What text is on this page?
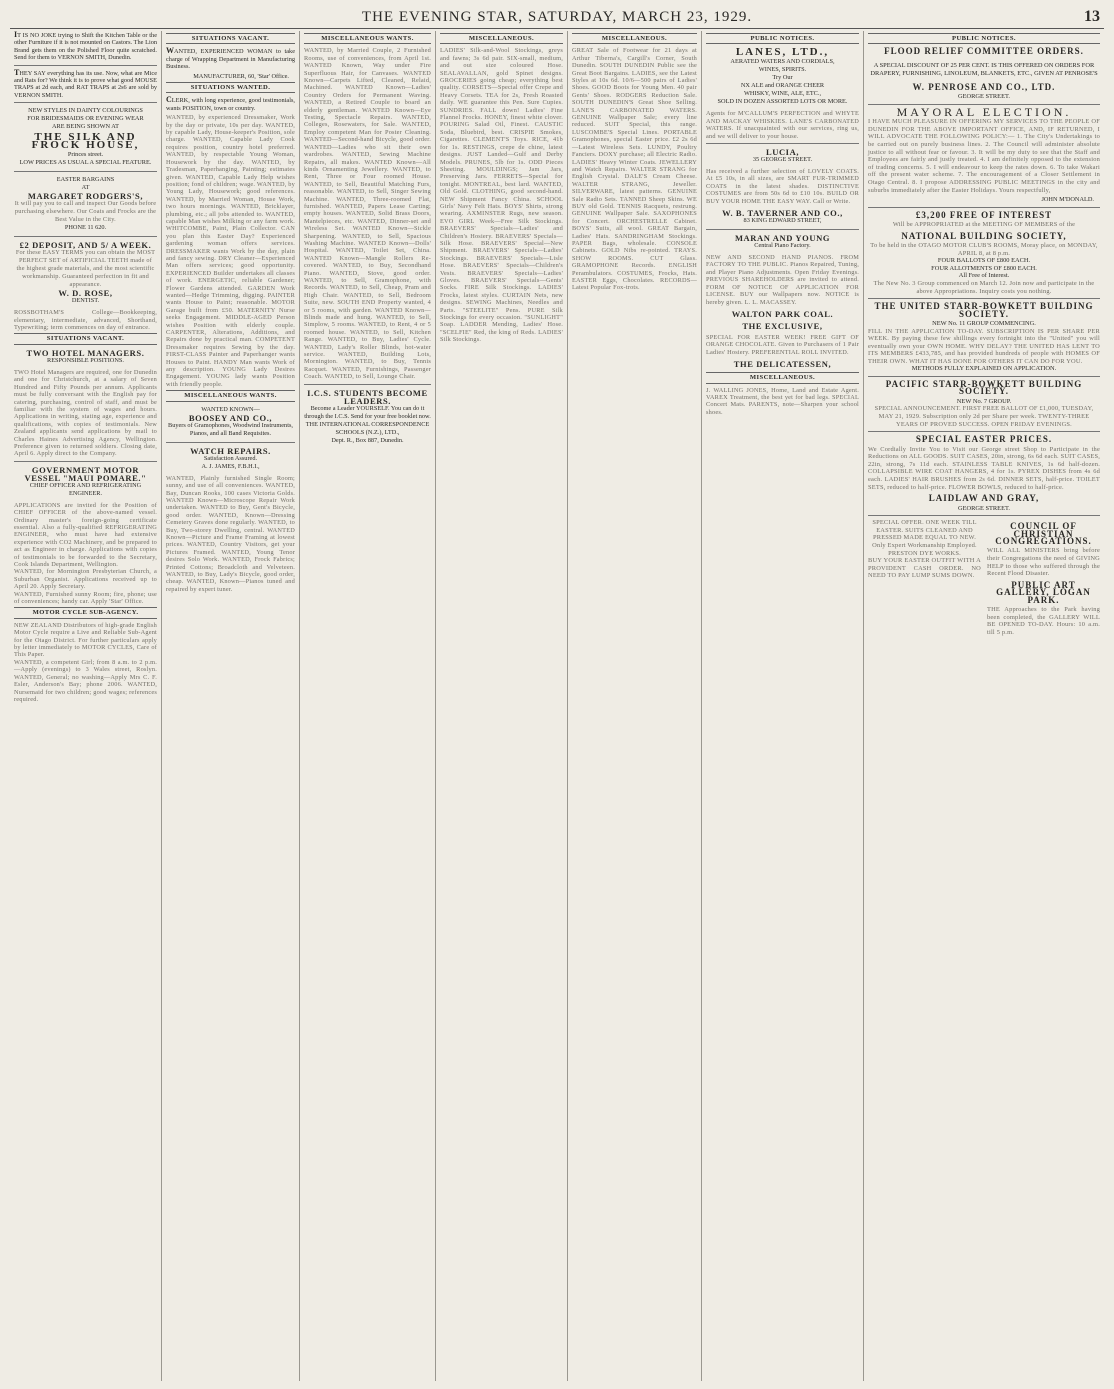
THE EVENING STAR, SATURDAY, MARCH 23, 1929.	13

IT IS NO JOKE trying to Shift the Kitchen Table or the other Furniture if it is not mounted on Castors. The Lion Brand gets them on the Polished Floor quite scratched. Send for them to VERNON SMITH, Dunedin.

THEY SAY everything has its use. Now, what are Mice and Rats for? We think it is to prove what good MOUSE TRAPS at 2d each, and RAT TRAPS at 2s6 are sold by VERNON SMITH.

NEW STYLES IN DAINTY COLOURINGS
FOR BRIDESMAIDS OR EVENING WEAR
ARE BEING SHOWN AT
THE SILK AND FROCK HOUSE,
Princes street.
LOW PRICES AS USUAL A SPECIAL FEATURE.
EASTER BARGAINS
AT
MARGARET RODGERS'S,
It will pay you to call and inspect Our Goods before purchasing elsewhere. Our Coats and Frocks are the Best Value in the City.
PHONE 11 620.
£2 DEPOSIT, AND 5/ A WEEK.
For these EASY TERMS you can obtain the MOST PERFECT SET of ARTIFICIAL TEETH made of the highest grade materials, and the most scientific workmanship. Guaranteed perfection in fit and appearance.
W. D. ROSE,
DENTIST.
ROSSBOTHAM'S College—Bookkeeping, elementary, intermediate, advanced, Shorthand, Typewriting; term commences on day of entrance.
SITUATIONS VACANT.
TWO HOTEL MANAGERS.
RESPONSIBLE POSITIONS.
TWO Hotel Managers are required, one for Dunedin and one for Christchurch, at a salary of Seven Hundred and Fifty Pounds per annum. Applicants must be fully conversant with the English pay for catering, purchasing, control of staff, and must be familiar with the system of wages and hours. Applications in writing, stating age, experience and qualifications, with copies of testimonials. New Zealand applicants send applications by mail to Charles Haines Advertising Agency, Wellington. Preference given to returned soldiers. Closing date, April 6. Apply direct to the Company.
GOVERNMENT MOTOR VESSEL "MAUI POMARE."
CHIEF OFFICER AND REFRIGERATING ENGINEER.
APPLICATIONS are invited for the Position of CHIEF OFFICER of the above-named vessel. Ordinary master's foreign-going certificate essential. Also a fully-qualified REFRIGERATING ENGINEER, who must have had extensive experience with CO2 Machinery, and be prepared to act as Engineer in charge. Applications with copies of testimonials to be forwarded to the Secretary, Cook Islands Department, Wellington.
WANTED, for Mornington Presbyterian Church, a Suburban Organist. Applications received up to April 20. Apply Secretary.
WANTED, Furnished sunny Room; fire, phone; use of conveniences; handy car. Apply 'Star' Office.
MOTOR CYCLE SUB-AGENCY.
NEW ZEALAND Distributors of high-grade English Motor Cycle require a Live and Reliable Sub-Agent for the Otago District. For further particulars apply by letter immediately to MOTOR CYCLES, Care of This Paper.
WANTED, a competent Girl; from 8 a.m. to 2 p.m.—Apply (evenings) to 3 Wales street, Roslyn. WANTED, General; no washing—Apply Mrs C. F. Esler, Anderson's Bay; phone 2006. WANTED, Nursemaid for two children; good wages; references required.
SITUATIONS VACANT.

WANTED, EXPERIENCED WOMAN to take charge of Wrapping Department in Manufacturing Business.

MANUFACTURER, 60, 'Star' Office.
SITUATIONS WANTED.

CLERK, with long experience, good testimonials, wants POSITION, town or country.

WANTED, by experienced Dressmaker, Work by the day or private, 10s per day. WANTED, by capable Lady, House-keeper's Position, sole charge. WANTED, Capable Lady Cook requires position, country hotel preferred. WANTED, by respectable Young Woman, Housework by the day. WANTED, by Tradesman, Paperhanging, Painting; estimates given. WANTED, Capable Lady Help wishes position; fond of children; wage. WANTED, by Young Lady, Housework; good references. WANTED, by Married Woman, House Work, two hours mornings. WANTED, Bricklayer, plumbing, etc.; all jobs attended to. WANTED, capable Man wishes Milking or any farm work. WHITCOMBE, Paint, Plain Collector. CAN you plan this Easter Day? Experienced gardening woman offers services. DRESSMAKER wants Work by the day, plain and fancy sewing. DRY Cleaner—Experienced Man offers services; good opportunity. EXPERIENCED Builder undertakes all classes of work. ENERGETIC, reliable Gardener; Flower Gardens attended. GARDEN Work wanted—Hedge Trimming, digging. PAINTER wants House to Paint; reasonable. MOTOR Garage built from £50. MATERNITY Nurse seeks Engagement. MIDDLE-AGED Person wishes Position with elderly couple. CARPENTER, Alterations, Additions, and Repairs done by practical man. COMPETENT Dressmaker requires Sewing by the day. FIRST-CLASS Painter and Paperhanger wants Houses to Paint. HANDY Man wants Work of any description. YOUNG Lady Desires Engagement. YOUNG lady wants Position with friendly people.
MISCELLANEOUS WANTS.
WANTED KNOWN—
BOOSEY AND CO.,
Buyers of Gramophones, Woodwind Instruments, Pianos, and all Band Requisites.
WATCH REPAIRS.
Satisfaction Assured.
A. J. JAMES, F.B.H.I.,
WANTED, Plainly furnished Single Room; sunny, and use of all conveniences. WANTED, Bay, Duncan Rooks, 100 cases Victoria Golds. WANTED Known—Microscope Repair Work undertaken. WANTED to Buy, Gent's Bicycle, good order. WANTED, Known—Dressing Cemetery Graves done regularly. WANTED, to Buy, Two-storey Dwelling, central. WANTED Known—Picture and Frame Framing at lowest prices. WANTED, Country Visitors, get your Pictures Framed. WANTED, Young Tenor desires Solo Work. WANTED, Frock Fabrics; Printed Cottons; Broadcloth and Velveteen. WANTED, to Buy, Lady's Bicycle, good order, cheap. WANTED, Known—Pianos tuned and repaired by expert tuner.
MISCELLANEOUS WANTS.
WANTED, by Married Couple, 2 Furnished Rooms, use of conveniences, from April 1st. WANTED Known, Way under Fire Superfluous Hair, for Canvases. WANTED Known—Carpets Lifted, Cleaned, Relaid, Machined. WANTED Known—Ladies' Country Orders for Permanent Waving. WANTED, a Retired Couple to board an elderly gentleman. WANTED Known—Eye Testing, Spectacle Repairs. WANTED, Colleges, Rosewaters, for Sale. WANTED, Employ competent Man for Poster Cleaning. WANTED—Second-hand Bicycle, good order. WANTED—Ladies who sit their own wardrobes. WANTED, Sewing Machine Repairs, all makes. WANTED Known—All kinds Ornamenting Jewellery. WANTED, to Rent, Three or Four roomed House. WANTED, to Sell, Beautiful Matching Furs, reasonable. WANTED, to Sell, Singer Sewing Machine. WANTED, Three-roomed Flat, furnished. WANTED, Papers Lease Carting; empty houses. WANTED, Solid Brass Doors, Mantelpieces, etc. WANTED, Dinner-set and Wireless Set. WANTED Known—Sickle Sharpening. WANTED, to Sell, Spacious Washing Machine. WANTED Known—Dolls' Hospital. WANTED, Toilet Set, China. WANTED Known—Mangle Rollers Re-covered. WANTED, to Buy, Secondhand Piano. WANTED, Stove, good order. WANTED, to Sell, Gramophone, with Records. WANTED, to Sell, Cheap, Pram and High Chair. WANTED, to Sell, Bedroom Suite, new. SOUTH END Property wanted, 4 or 5 rooms, with garden. WANTED Known—Blinds made and hung. WANTED, to Sell, Simplow, 5 rooms. WANTED, to Rent, 4 or 5 roomed house. WANTED, to Sell, Kitchen Range. WANTED, to Buy, Ladies' Cycle. WANTED, Lady's Roller Blinds, hot-water service. WANTED, Building Lots, Mornington. WANTED, to Buy, Tennis Racquet. WANTED, Furnishings, Passenger Coach. WANTED, to Sell, Lounge Chair.
I.C.S. STUDENTS BECOME LEADERS.
Become a Leader YOURSELF. You can do it through the I.C.S. Send for your free booklet now.
THE INTERNATIONAL CORRESPONDENCE SCHOOLS (N.Z.), LTD.,
Dept. R., Box 887, Dunedin.
MISCELLANEOUS.
LADIES' Silk-and-Wool Stockings, greys and fawns; 3s 6d pair. SIX-small, medium, and out size coloured Hose. SEALAVALLAN, gold Spinet designs. GROCERIES going cheap; everything best quality. CORSETS—Special offer Crepe and Heavy Corsets. TEA for 2s, Fresh Roasted daily. WE guarantee this Pen. Sure Cupies. SUNDRIES. FALL down! Ladies' Fine Flannel Frocks. HONEY, finest white clover. POURING Salad Oil, Finest. CAUSTIC Soda, Bluebird, best. CRISPIE Smokes, Cigarettes. CLEMENT'S Toys. RICE, 41b for 1s. RESTINGS, crepe de chine, latest designs. JUST Landed—Gulf and Derby Models. PRUNES, 5lb for 1s. ODD Pieces Sheeting. MOULDINGS; Jam Jars, Preserving Jars. FERRETS—Special for tonight. MONTREAL, best lard. WANTED, Old Gold. CLOTHING, good second-hand. NEW Shipment Fancy China. SCHOOL Girls' Navy Felt Hats. BOYS' Shirts, strong wearing. AXMINSTER Rugs, new season. EVO GIRL Week—Free Silk Stockings. BRAEVERS' Specials—Ladies' and Children's Hosiery. BRAEVERS' Specials—Silk Hose. BRAEVERS' Special—New Shipment. BRAEVERS' Specials—Ladies' Stockings. BRAEVERS' Specials—Lisle Hose. BRAEVERS' Specials—Children's Vests. BRAEVERS' Specials—Ladies' Gloves. BRAEVERS' Specials—Gents' Socks. FIRE Silk Stockings. LADIES' Frocks, latest styles. CURTAIN Nets, new designs. SEWING Machines, Needles and Parts. "STEELITE" Pens. PURE Silk Stockings for every occasion. "SUNLIGHT" Soap. LADDER Mending, Ladies' Hose. "SCELFIE" Red, the king of Reds. LADIES' Silk Stockings.
MISCELLANEOUS.
GREAT Sale of Footwear for 21 days at Arthur Tiberna's, Cargill's Corner, South Dunedin. SOUTH DUNEDIN Public see the Great Boot Bargains. LADIES, see the Latest Styles at 10s 6d. 10/6—500 pairs of Ladies' Shoes. GOOD Boots for Young Men. 40 pair Gents' Shoes. RODGERS Reduction Sale. SOUTH DUNEDIN'S Great Shoe Selling. LANE'S CARBONATED WATERS. GENUINE Wallpaper Sale; every line reduced. SUIT Special, this range. LUSCOMBE'S Special Lines. PORTABLE Gramophones, special Easter price. £2 2s 6d—Latest Wireless Sets. LUNDY, Poultry Fanciers. DOXY purchase; all Electric Radio. LADIES' Heavy Winter Coats. JEWELLERY and Watch Repairs. WALTER STRANG for English Crystal. DALE'S Cream Cheese. WALTER STRANG, Jeweller. SILVERWARE, latest patterns. GENUINE Sale Radio Sets. TANNED Sheep Skins. WE BUY old Gold. TENNIS Racquets, restrung. GENUINE Wallpaper Sale. SAXOPHONES for Concert. ORCHESTRELLE Cabinet. BOYS' Suits, all wool. GREAT Bargain, Ladies' Hats. SANDRINGHAM Stockings. PAPER Bags, wholesale. CONSOLE Cabinets. GOLD Nibs re-pointed. TRAYS. SHOW ROOMS. CUT Glass. GRAMOPHONE Records. ENGLISH Perambulators. COSTUMES, Frocks, Hats. EASTER Eggs, Chocolates. RECORDS—Latest Popular Fox-trots.
PUBLIC NOTICES.
LANES, LTD.,
AERATED WATERS AND CORDIALS,
WINES, SPIRITS.
Try Our
NX ALE and ORANGE CHEER
WHISKY, WINE, ALE, ETC.,
SOLD IN DOZEN ASSORTED LOTS OR MORE.
Agents for M'CALLUM'S PERFECTION and WHYTE AND MACKAY WHISKIES. LANE'S CARBONATED WATERS. If unacquainted with our services, ring us, and we will deliver to your house.
LUCIA,
35 GEORGE STREET.
Has received a further selection of LOVELY COATS. At £5 10s, in all sizes, are SMART FUR-TRIMMED COATS in the latest shades. DISTINCTIVE COSTUMES are from 50s 6d to £10 10s. BUILD OR BUY YOUR HOME THE EASY WAY. Call or Write.
W. B. TAVERNER AND CO.,
83 KING EDWARD STREET,
MARAN AND YOUNG
Central Piano Factory.
NEW AND SECOND HAND PIANOS. FROM FACTORY TO THE PUBLIC. Pianos Repaired, Tuning, and Player Piano Adjustments. Open Friday Evenings. PREVIOUS SHAREHOLDERS are invited to attend. FORM OF NOTICE OF APPLICATION FOR LICENSE. BUY our Wallpapers now. NOTICE is hereby given. L. L. MACASSEY.
WALTON PARK COAL.
THE EXCLUSIVE,
SPECIAL FOR EASTER WEEK! FREE GIFT OF ORANGE CHOCOLATE. Given to Purchasers of 1 Pair Ladies' Hosiery. PREFERENTIAL ROLL INVITED.
THE DELICATESSEN,
MISCELLANEOUS.
J. WALLING JONES, Home, Land and Estate Agent. VAREX Treatment, the best yet for bad legs. SPECIAL Concert Mats. PARENTS, note—Sharpen your school shoes.
PUBLIC NOTICES.
FLOOD RELIEF COMMITTEE ORDERS.

A SPECIAL DISCOUNT OF 25 PER CENT. IS THIS OFFERED ON ORDERS FOR DRAPERY, FURNISHING, LINOLEUM, BLANKETS, ETC., GIVEN AT PENROSE'S

W. PENROSE AND CO., LTD.
GEORGE STREET.
MAYORAL ELECTION.
I HAVE MUCH PLEASURE IN OFFERING MY SERVICES TO THE PEOPLE OF DUNEDIN FOR THE ABOVE IMPORTANT OFFICE, AND, IF RETURNED, I WILL ADVOCATE THE FOLLOWING POLICY:— 1. The City's Undertakings to be carried out on purely business lines. 2. The Council will administer absolute justice to all without fear or favour. 3. It will be my duty to see that the Staff and Employees are fairly and justly treated. 4. I am definitely opposed to the extension of trading concerns. 5. I will endeavour to keep the rates down. 6. To take Wakari off the present water scheme. 7. The encouragement of a Closer Settlement in Otago Central. 8. I propose ADDRESSING PUBLIC MEETINGS in the city and suburbs immediately after the Easter Holidays. Yours respectfully,
JOHN M'DONALD.
£3,200 FREE OF INTEREST
Will be APPROPRIATED at the MEETING OF MEMBERS of the
NATIONAL BUILDING SOCIETY,
To be held in the OTAGO MOTOR CLUB'S ROOMS, Moray place, on MONDAY, APRIL 8, at 8 p.m.
FOUR BALLOTS OF £800 EACH.
FOUR ALLOTMENTS OF £800 EACH.
All Free of Interest.
The New No. 3 Group commenced on March 12. Join now and participate in the above Appropriations. Inquiry costs you nothing.
THE UNITED STARR-BOWKETT BUILDING SOCIETY.
NEW No. 11 GROUP COMMENCING.
FILL IN THE APPLICATION TO-DAY. SUBSCRIPTION IS PER SHARE PER WEEK. By paying these few shillings every fortnight into the "United" you will eventually own your OWN HOME. WHY DELAY? THE UNITED HAS LENT TO ITS MEMBERS £433,785, and has provided hundreds of people with HOMES OF THEIR OWN. WHAT IT HAS DONE FOR OTHERS IT CAN DO FOR YOU.
METHODS FULLY EXPLAINED ON APPLICATION.
PACIFIC STARR-BOWKETT BUILDING SOCIETY.
NEW No. 7 GROUP.
SPECIAL ANNOUNCEMENT. FIRST FREE BALLOT OF £1,000, TUESDAY, MAY 21, 1929. Subscription only 2d per Share per week. TWENTY-THREE YEARS OF PROVED SUCCESS. OPEN FRIDAY EVENINGS.
SPECIAL EASTER PRICES.
We Cordially Invite You to Visit our George street Shop to Participate in the Reductions on ALL GOODS. SUIT CASES, 20in, strong, 6s 6d each. SUIT CASES, 22in, strong, 7s 11d each. STAINLESS TABLE KNIVES, 1s 6d half-dozen. COLLAPSIBLE WIRE COAT HANGERS, 4 for 1s. PYREX DISHES from 4s 6d each. LADIES' HAIR BRUSHES from 2s 6d. DINNER SETS, half-price. TOILET SETS, reduced to half-price. FLOWER BOWLS, reduced to half-price.
LAIDLAW AND GRAY,
GEORGE STREET.
SPECIAL OFFER. ONE WEEK TILL EASTER. SUITS CLEANED AND PRESSED MADE EQUAL TO NEW. Only Expert Workmanship Employed. PRESTON DYE WORKS.
BUY YOUR EASTER OUTFIT WITH A PROVIDENT CASH ORDER. NO NEED TO PAY LUMP SUMS DOWN.
COUNCIL OF CHRISTIAN CONGREGATIONS.
WILL ALL MINISTERS bring before their Congregations the need of GIVING HELP to those who suffered through the Recent Flood Disaster.
PUBLIC ART GALLERY, LOGAN PARK.
THE Approaches to the Park having been completed, the GALLERY WILL BE OPENED TO-DAY. Hours: 10 a.m. till 5 p.m.
